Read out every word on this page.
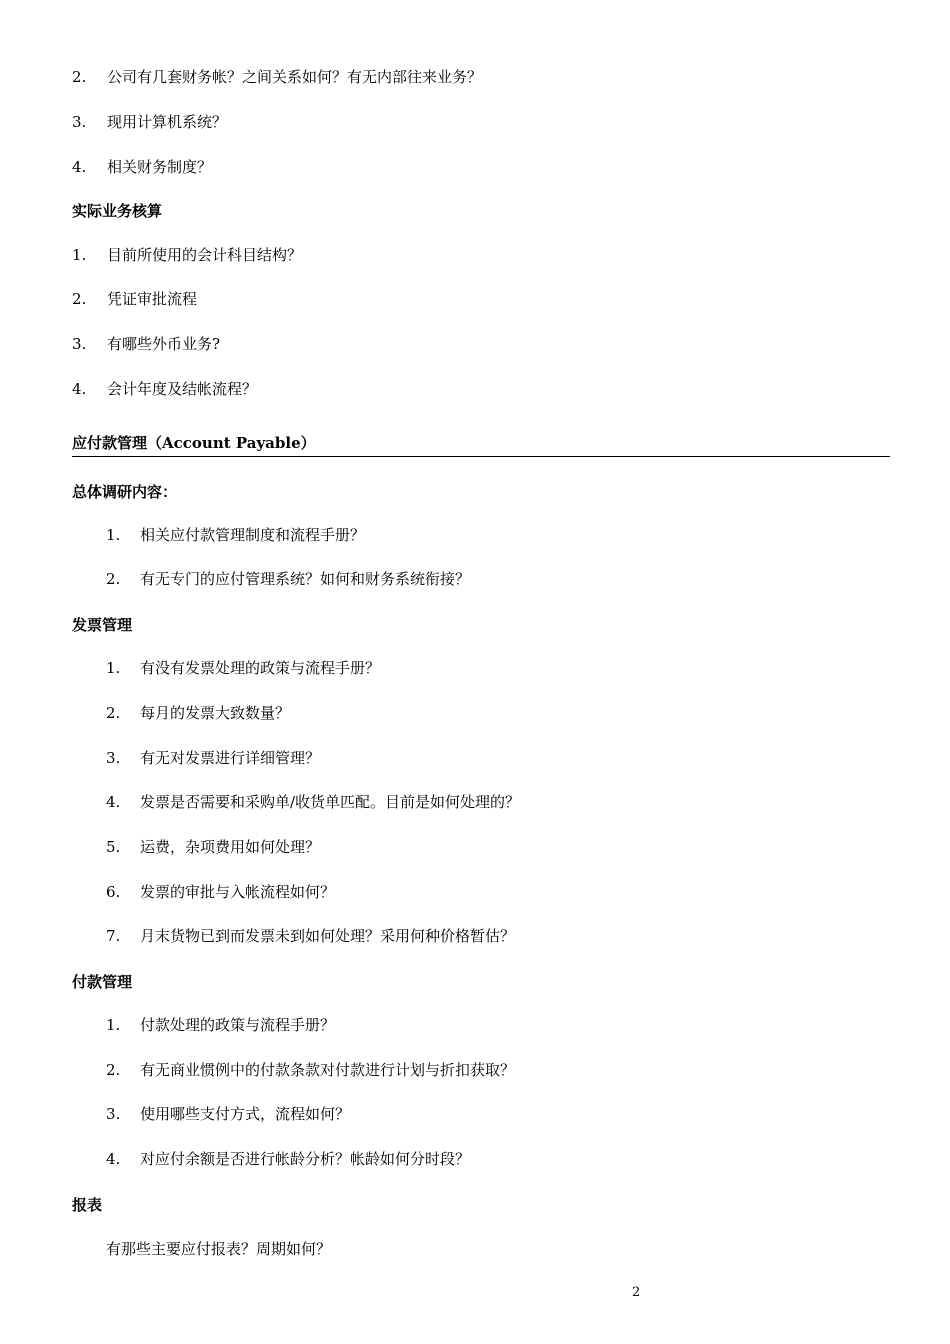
2. 公司有几套财务帐？之间关系如何？有无内部往来业务？
3. 现用计算机系统？
4. 相关财务制度？
实际业务核算
1. 目前所使用的会计科目结构？
2. 凭证审批流程
3. 有哪些外币业务?
4. 会计年度及结帐流程？
应付款管理（Account Payable）
总体调研内容：
1. 相关应付款管理制度和流程手册？
2. 有无专门的应付管理系统？如何和财务系统衔接？
发票管理
1. 有没有发票处理的政策与流程手册？
2. 每月的发票大致数量？
3. 有无对发票进行详细管理？
4. 发票是否需要和采购单/收货单匹配。目前是如何处理的？
5. 运费，杂项费用如何处理？
6. 发票的审批与入帐流程如何？
7. 月末货物已到而发票未到如何处理？采用何种价格暂估？
付款管理
1. 付款处理的政策与流程手册？
2. 有无商业惯例中的付款条款对付款进行计划与折扣获取？
3. 使用哪些支付方式，流程如何？
4. 对应付余额是否进行帐龄分析？帐龄如何分时段？
报表
有那些主要应付报表？周期如何？
2
